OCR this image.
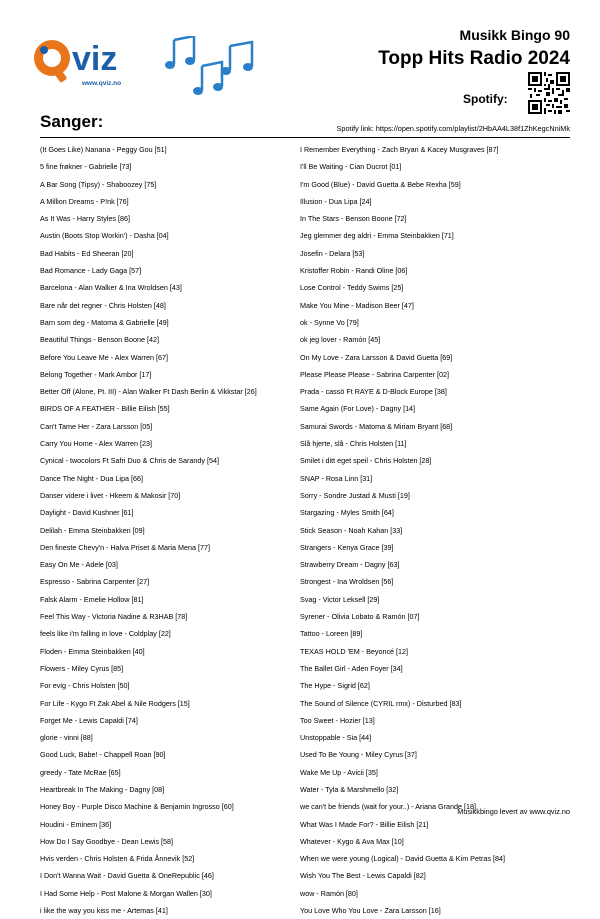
viz
www.qviz.no
Musikk Bingo 90
Topp Hits Radio 2024
Spotify:
Sanger:	Spotify link: https://open.spotify.com/playlist/2HbAA4L38f1ZhKegcNniMk
(It Goes Like) Nanana - Peggy Gou [51]
5 fine frøkner - Gabrielle [73]
A Bar Song (Tipsy) - Shaboozey [75]
A Million Dreams - P!nk [76]
As It Was - Harry Styles [86]
Austin (Boots Stop Workin') - Dasha [04]
Bad Habits - Ed Sheeran [20]
Bad Romance - Lady Gaga [57]
Barcelona - Alan Walker & Ina Wroldsen [43]
Bare når det regner - Chris Holsten [48]
Barn som deg - Matoma & Gabrielle [49]
Beautiful Things - Benson Boone [42]
Before You Leave Me - Alex Warren [67]
Belong Together - Mark Ambor [17]
Better Off (Alone, Pt. III) - Alan Walker Ft Dash Berlin & Vikkstar [26]
BIRDS OF A FEATHER - Billie Eilish [55]
Can't Tame Her - Zara Larsson [05]
Carry You Home - Alex Warren [23]
Cynical - twocolors Ft Safri Duo & Chris de Sarandy [54]
Dance The Night - Dua Lipa [66]
Danser videre i livet - Hkeem & Makosir [70]
Daylight - David Kushner [61]
Delilah - Emma Steinbakken [09]
Den fineste Chevy'n - Halva Priset & Maria Mena [77]
Easy On Me - Adele [03]
Espresso - Sabrina Carpenter [27]
Falsk Alarm - Emelie Hollow [81]
Feel This Way - Victoria Nadine & R3HAB [78]
feels like i'm falling in love - Coldplay [22]
Floden - Emma Steinbakken [40]
Flowers - Miley Cyrus [85]
For evig - Chris Holsten [50]
For Life - Kygo Ft Zak Abel & Nile Rodgers [15]
Forget Me - Lewis Capaldi [74]
glorie - vinni [88]
Good Luck, Babe! - Chappell Roan [90]
greedy - Tate McRae [65]
Heartbreak In The Making - Dagny [08]
Honey Boy - Purple Disco Machine & Benjamin Ingrosso [60]
Houdini - Eminem [36]
How Do I Say Goodbye - Dean Lewis [58]
Hvis verden - Chris Holsten & Frida Ånnevik [52]
I Don't Wanna Wait - David Guetta & OneRepublic [46]
I Had Some Help - Post Malone & Morgan Wallen [30]
i like the way you kiss me - Artemas [41]
I Remember Everything - Zach Bryan & Kacey Musgraves [87]
I'll Be Waiting - Cian Ducrot [01]
I'm Good (Blue) - David Guetta & Bebe Rexha [59]
Illusion - Dua Lipa [24]
In The Stars - Benson Boone [72]
Jeg glemmer deg aldri - Emma Steinbakken [71]
Josefin - Delara [53]
Kristoffer Robin - Randi Oline [06]
Lose Control - Teddy Swims [25]
Make You Mine - Madison Beer [47]
ok - Synne Vo [79]
ok jeg lover - Ramón [45]
On My Love - Zara Larsson & David Guetta [69]
Please Please Please - Sabrina Carpenter [02]
Prada - cassö Ft RAYE & D-Block Europe [38]
Same Again (For Love) - Dagny [14]
Samurai Swords - Matoma & Miriam Bryant [68]
Slå hjerte, slå - Chris Holsten [11]
Smilet i ditt eget speil - Chris Holsten [28]
SNAP - Rosa Linn [31]
Sorry - Sondre Justad & Musti [19]
Stargazing - Myles Smith [64]
Stick Season - Noah Kahan [33]
Strangers - Kenya Grace [39]
Strawberry Dream - Dagny [63]
Strongest - Ina Wroldsen [56]
Svag - Victor Leksell [29]
Syrener - Olivia Lobato & Ramón [07]
Tattoo - Loreen [89]
TEXAS HOLD 'EM - Beyoncé [12]
The Ballet Girl - Aden Foyer [34]
The Hype - Sigrid [62]
The Sound of Silence (CYRIL rmx) - Disturbed [83]
Too Sweet - Hozier [13]
Unstoppable - Sia [44]
Used To Be Young - Miley Cyrus [37]
Wake Me Up - Avicii [35]
Water - Tyla & Marshmello [32]
we can't be friends (wait for your..) - Ariana Grande [18]
What Was I Made For? - Billie Eilish [21]
Whatever - Kygo & Ava Max [10]
When we were young (Logical) - David Guetta & Kim Petras [84]
Wish You The Best - Lewis Capaldi [82]
wow - Ramón [80]
You Love Who You Love - Zara Larsson [16]
Musikkbingo levert av www.qviz.no
